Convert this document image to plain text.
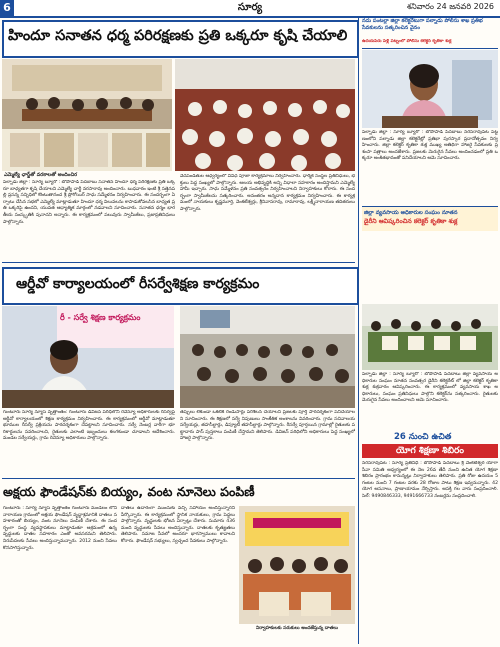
6	సూర్య	శనివారం 24 జనవరి 2026
హిందూ సనాతన ధర్మ పరిరక్షణకు ప్రతి ఒక్కరూ కృషి చేయాలి
ఎమ్మెల్యే ఛార్జ్‌తో వరకాలతో అందించిర
పల్నాడు జిల్లా : సూర్య బ్యూరో : బొపొపాడి పెదబాబు సనాతన హిందూ ధర్మ పరిరక్షణకు ప్రతి ఒక్కరూ బాధ్యతగా కృషి చేయాలని ఎమ్మెల్యే చార్జీ నరసారావు అందించారు. బుధవారం ఇంటి శ్రీ సత్తెనపల్లి ప్రసన్న సన్నిధిలో కొంటుతానంద శ్రీ ప్రోగోయిర్ సాధు సమ్మేళనం నిర్వహించారు. ఈ సందర్భంగా ఏర్పాటు చేసిన సభలో ఎమ్మెల్యే మాట్లాడుతూ హిందూ ధర్మ విలువలను కాపాడుకోవలసిన బాధ్యత ప్రతి ఒక్కరిపై ఉందని, యువత ఆధ్యాత్మిక మార్గంలో నడవాలని సూచించారు. సనాతన ధర్మం భారతీయ సంస్కృతికి పునాదని అన్నారు. ఈ కార్యక్రమంలో పలువురు స్వామీజీలు, ప్రజాప్రతినిధులు పాల్గొన్నారు.
వేదపండితుల ఆధ్వర్యంలో వివిధ పూజా కార్యక్రమాలు నిర్వహించారు. ధార్మిక సంస్థల ప్రతినిధులు, భక్తులు పెద్ద సంఖ్యలో పాల్గొన్నారు. ఆలయ అభివృద్ధికి అన్ని విధాలా సహకారం అందిస్తామని ఎమ్మెల్యే హామీ ఇచ్చారు. సాధు సమ్మేళనం ప్రతి సంవత్సరం నిర్వహించాలని నిర్వాహకులు కోరారు. ఈ సందర్భంగా స్వామీజీలను సత్కరించారు. అనంతరం అన్నదాన కార్యక్రమం నిర్వహించారు. ఈ కార్యక్రమంలో నాయకులు కృష్ణమూర్తి, వెంకటేశ్వర్లు, శ్రీనివాసరావు, రామారావు, లక్ష్మీనారాయణ తదితరులు పాల్గొన్నారు.
నదు పంటల్లా జిల్లా కలెక్టరేటుగా పల్నాడు పోలీసు శాఖ ప్రతిభ సేవకులను సత్కరించిన వైనం
ఉదయపేరు పెళ్లి పట్నంలో పోలీసు కలెక్టర్ కృతికా శుక్ల
పల్నాడు జిల్లా : సూర్య బ్యూరో : బొపొపాడి పెదబాబు నరసరావుపేట పట్టణంలోని పల్నాడు జిల్లా కలెక్టరేట్లో ప్రతిభా పురస్కార ప్రదానోత్సవం నిర్వహించారు. జిల్లా కలెక్టర్ కృతికా శుక్ల ముఖ్య అతిథిగా హాజరై సేవకులకు ప్రశంసా పత్రాలు అందజేశారు. ప్రజలకు మెరుగైన సేవలు అందించడంలో ప్రతి ఒక్కరూ అంకితభావంతో పనిచేయాలని ఆమె సూచించారు.
జిల్లా వ్యవసాయ అధికారుల సంఘం నూతన
డైరీని ఆవిష్కరించిన కలెక్టర్ కృతికా శుక్ల
ఆర్డీవో కార్యాలయంలో రీసర్వేశిక్షణ కార్యక్రమం
రీ - సర్వే శిక్షణ కార్యక్రమం
గుంటూరు సూర్య న్యూస్ వృత్తాంతం: గుంటూరు డివిజన్ పరిధిలోని రెవెన్యూ అధికారులకు రీసర్వేపై ఆర్డీవో కార్యాలయంలో శిక్షణ కార్యక్రమం నిర్వహించారు. ఈ కార్యక్రమంలో ఆర్డీవో మాట్లాడుతూ భూముల రీసర్వే ప్రక్రియను పారదర్శకంగా చేపట్టాలని సూచించారు. సర్వే నెంబర్ల వారీగా భూ రికార్డులను సవరించాలని, రైతులకు ఎలాంటి ఇబ్బందులు కలగకుండా చూడాలని ఆదేశించారు. మండల సర్వేయర్లు, గ్రామ రెవెన్యూ అధికారులు పాల్గొన్నారు.
తప్పులు లేకుండా ఒకటికి రెండుసార్లు పరిశీలన చేయాలని ప్రజలకు పూర్తి పారదర్శకంగా పనిచేయాలని సూచించారు. ఈ శిక్షణలో సర్వే నిపుణులు సాంకేతిక అంశాలను వివరించారు. గ్రామ సచివాలయ సర్వేయర్లు, తహసీల్దార్లు, డిప్యూటీ తహసీల్దార్లు పాల్గొన్నారు. రీసర్వే పూర్తయిన గ్రామాల్లో రైతులకు పట్టాదారు పాస్ పుస్తకాలు పంపిణీ చేస్తామని తెలిపారు. డివిజన్ పరిధిలోని అధికారులు పెద్ద సంఖ్యలో హాజరై పాల్గొన్నారు.
పల్నాడు జిల్లా : సూర్య బ్యూరో : బొపొపాడి పెదబాబు జిల్లా వ్యవసాయ అధికారుల సంఘం నూతన సంవత్సర డైరీని కలెక్టరేట్ లో జిల్లా కలెక్టర్ కృతికా శుక్ల శుక్రవారం ఆవిష్కరించారు. ఈ కార్యక్రమంలో వ్యవసాయ శాఖ అధికారులు, సంఘం ప్రతినిధులు పాల్గొని కలెక్టర్‌ను సత్కరించారు. రైతులకు మెరుగైన సేవలు అందించాలని ఆమె సూచించారు.
26 నుంచి ఉచిత
యోగ శిక్షణా శిబిరం
నరసరావుపేట : సూర్య ప్రతినిధి : బొపొపాడి పెదబాబు శ్రీ వెంకటేశ్వర యోగా సేవా సమితి ఆధ్వర్యంలో ఈ నెల 26వ తేదీ నుంచి ఉచిత యోగ శిక్షణా శిబిరం ప్రారంభం కానున్నట్లు నిర్వాహకులు తెలిపారు. ప్రతి రోజు ఉదయం 5 గంటల నుంచి 7 గంటల వరకు 28 రోజుల పాటు శిక్షణ ఇవ్వనున్నారు. 42 యోగ ఆసనాలు, ప్రాణాయామం నేర్పిస్తారు. ఆసక్తి గల వారు సంప్రదించాలి. సెల్: 9490846333, 9491666733 నంబర్లను సంప్రదించాలి.
అక్షయ ఫౌండేషన్‌కు బియ్యం, వంట నూనెలు పంపిణీ
గుంటూరు : సూర్య న్యూస్ వృత్తాంతం గుంటూరు మండలం లోని నారాయణ గ్రామంలో అక్షయ ఫౌండేషన్ వృద్ధాశ్రమానికి దాతలు సహకారంతో బియ్యం, వంట నూనెలు పంపిణీ చేశారు. ఈ సందర్భంగా సంస్థ వ్యవస్థాపకులు మాట్లాడుతూ ఆశ్రమంలో ఉన్న వృద్ధులకు దాతల సహకారం ఎంతో అవసరమని తెలిపారు. నిరుపేదలకు సేవలు అందిస్తున్నామన్నారు. 2012 నుంచి సేవలు కొనసాగిస్తున్నారు.
దాతలు ఉదారంగా ముందుకు వచ్చి సహాయం అందిస్తున్నారని పేర్కొన్నారు. ఈ కార్యక్రమంలో స్థానిక నాయకులు, గ్రామ పెద్దలు పాల్గొన్నారు. వృద్ధులకు భోజన ఏర్పాట్లు చేశారు. సుమారు 436 మంది వృద్ధులకు సేవలు అందిస్తున్నారు. దాతలకు కృతజ్ఞతలు తెలిపారు. సమాజ సేవలో అందరూ భాగస్వాములు కావాలని కోరారు. ఫౌండేషన్ సభ్యులు, స్వచ్ఛంద సేవకులు పాల్గొన్నారు.
నిర్వాహకులకు సరుకులు అందజేస్తున్న దాతలు
